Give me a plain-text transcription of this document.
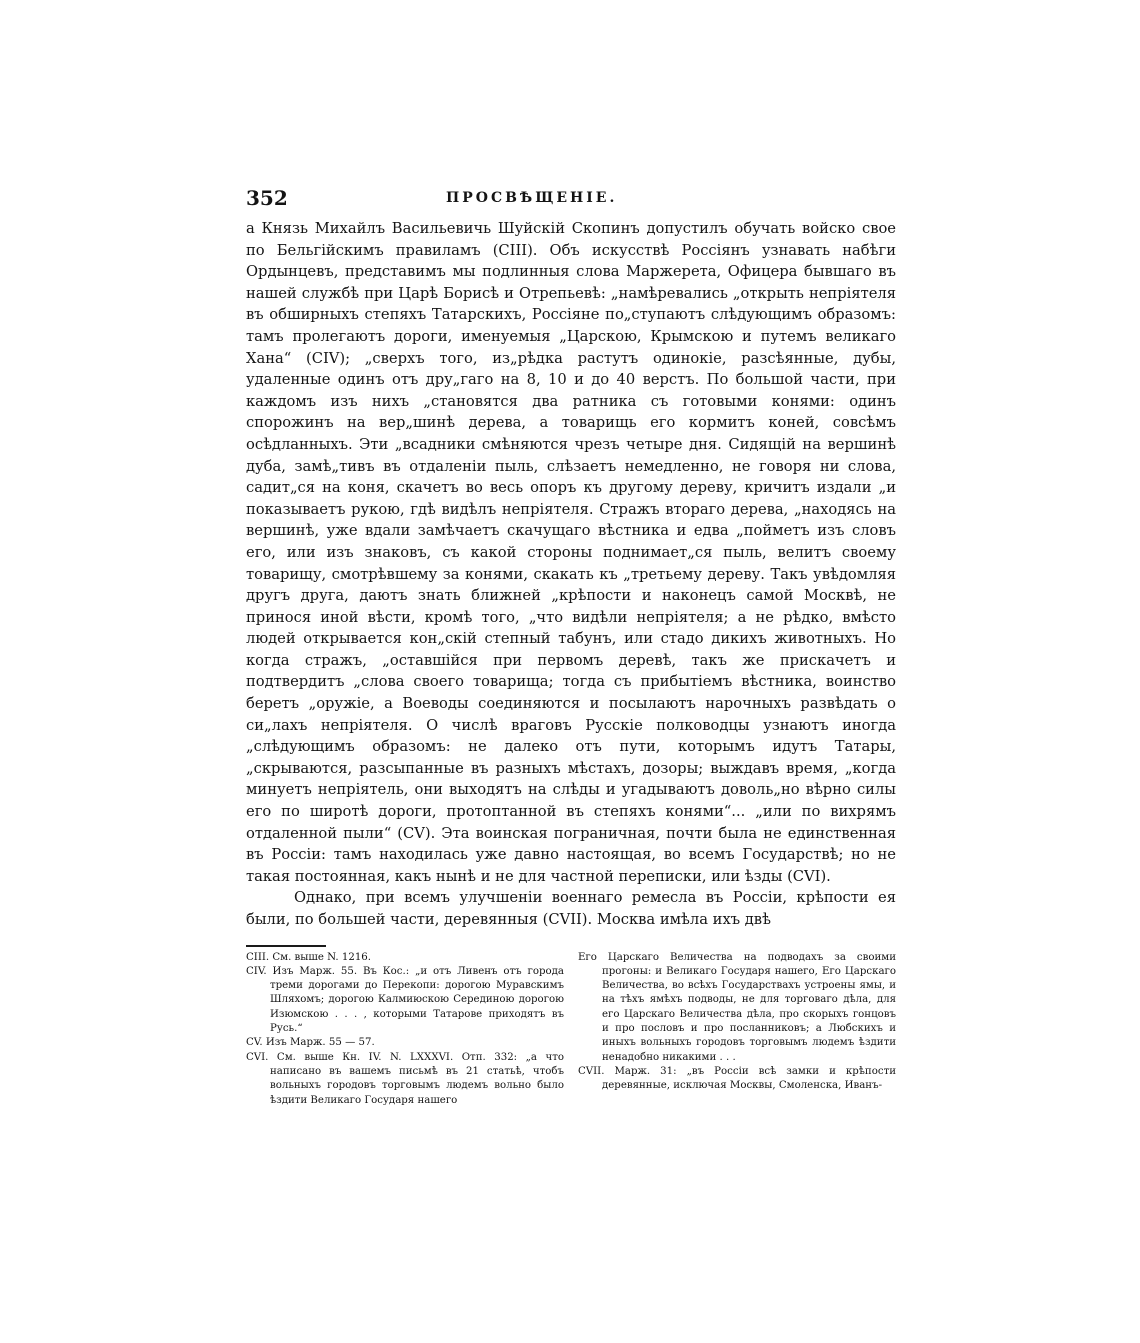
352	ПРОСВѢЩЕНІЕ.

а Князь Михайлъ Васильевичь Шуйскій Скопинъ допустилъ обучать войско свое по Бельгійскимъ правиламъ (CIII). Объ искусствѣ Россіянъ узнавать набѣги Ордынцевъ, представимъ мы подлинныя слова Маржерета, Офицера бывшаго въ нашей службѣ при Царѣ Борисѣ и Отрепьевѣ: „намѣревались „открыть непріятеля въ обширныхъ степяхъ Татарскихъ, Россіяне по„ступаютъ слѣдующимъ образомъ: тамъ пролегаютъ дороги, именуемыя „Царскою, Крымскою и путемъ великаго Хана“ (CIV); „сверхъ того, из„рѣдка растутъ одинокіе, разсѣянные, дубы, удаленные одинъ отъ дру„гаго на 8, 10 и до 40 верстъ. По большой части, при каждомъ изъ нихъ „становятся два ратника съ готовыми конями: одинъ спорожинъ на вер„шинѣ дерева, а товарищь его кормитъ коней, совсѣмъ осѣдланныхъ. Эти „всадники смѣняются чрезъ четыре дня. Сидящій на вершинѣ дуба, замѣ„тивъ въ отдаленіи пыль, слѣзаетъ немедленно, не говоря ни слова, садит„ся на коня, скачетъ во весь опоръ къ другому дереву, кричитъ издали „и показываетъ рукою, гдѣ видѣлъ непріятеля. Стражъ втораго дерева, „находясь на вершинѣ, уже вдали замѣчаетъ скачущаго вѣстника и едва „пойметъ изъ словъ его, или изъ знаковъ, съ какой стороны поднимает„ся пыль, велитъ своему товарищу, смотрѣвшему за конями, скакать къ „третьему дереву. Такъ увѣдомляя другъ друга, даютъ знать ближней „крѣпости и наконецъ самой Москвѣ, не принося иной вѣсти, кромѣ того, „что видѣли непріятеля; а не рѣдко, вмѣсто людей открывается кон„скій степный табунъ, или стадо дикихъ животныхъ. Но когда стражъ, „оставшійся при первомъ деревѣ, такъ же прискачетъ и подтвердитъ „слова своего товарища; тогда съ прибытіемъ вѣстника, воинство беретъ „оружіе, а Воеводы соединяются и посылаютъ нарочныхъ развѣдать о си„лахъ непріятеля. О числѣ враговъ Русскіе полководцы узнаютъ иногда „слѣдующимъ образомъ: не далеко отъ пути, которымъ идутъ Татары, „скрываются, разсыпанные въ разныхъ мѣстахъ, дозоры; выждавъ время, „когда минуетъ непріятель, они выходятъ на слѣды и угадываютъ доволь„но вѣрно силы его по широтѣ дороги, протоптанной въ степяхъ конями“... „или по вихрямъ отдаленной пыли“ (CV). Эта воинская пограничная, почти была не единственная въ Россіи: тамъ находилась уже давно настоящая, во всемъ Государствѣ; но не такая постоянная, какъ нынѣ и не для частной переписки, или ѣзды (CVI).

Однако, при всемъ улучшеніи военнаго ремесла въ Россіи, крѣпости ея были, по большей части, деревянныя (CVII). Москва имѣла ихъ двѣ

CIII. См. выше N. 1216.

CIV. Изъ Марж. 55. Въ Кос.: „и отъ Ливенъ отъ города треми дорогами до Перекопи: дорогою Муравскимъ Шляхомъ; дорогою Калмиюскою Серединою дорогою Изюмскою . . . , которыми Татарове приходятъ въ Русь.“

CV. Изъ Марж. 55 — 57.

CVI. См. выше Кн. IV. N. LXXXVI. Отп. 332: „а что написано въ вашемъ письмѣ въ 21 статьѣ, чтобъ вольныхъ городовъ торговымъ людемъ вольно было ѣздити Великаго Государя нашего

Его Царскаго Величества на подводахъ за своими прогоны: и Великаго Государя нашего, Его Царскаго Величества, во всѣхъ Государствахъ устроены ямы, и на тѣхъ ямѣхъ подводы, не для торговаго дѣла, для его Царскаго Величества дѣла, про скорыхъ гонцовъ и про пословъ и про посланниковъ; а Любскихъ и иныхъ вольныхъ городовъ торговымъ людемъ ѣздити ненадобно никакими . . .

CVII. Марж. 31: „въ Россіи всѣ замки и крѣпости деревянные, исключая Москвы, Смоленска, Иванъ-
